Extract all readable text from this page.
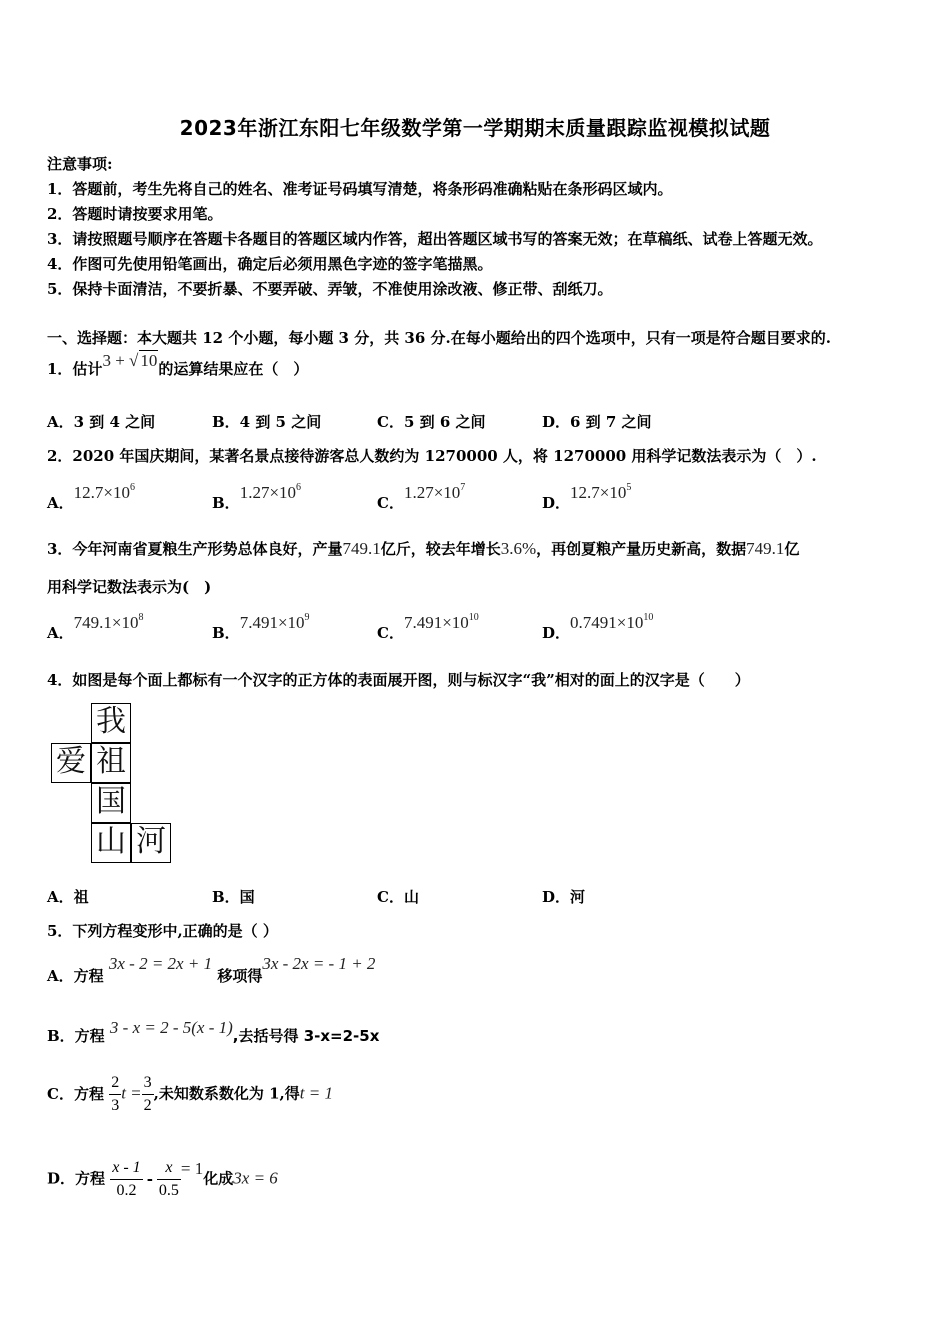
2023年浙江东阳七年级数学第一学期期末质量跟踪监视模拟试题
注意事项:
1．答题前，考生先将自己的姓名、准考证号码填写清楚，将条形码准确粘贴在条形码区域内。
2．答题时请按要求用笔。
3．请按照题号顺序在答题卡各题目的答题区域内作答，超出答题区域书写的答案无效；在草稿纸、试卷上答题无效。
4．作图可先使用铅笔画出，确定后必须用黑色字迹的签字笔描黑。
5．保持卡面清洁，不要折暴、不要弄破、弄皱，不准使用涂改液、修正带、刮纸刀。
一、选择题：本大题共 12 个小题，每小题 3 分，共 36 分.在每小题给出的四个选项中，只有一项是符合题目要求的.
1．估计3 + √ 10的运算结果应在（　）
A．3 到 4 之间	B．4 到 5 之间	C．5 到 6 之间	D．6 到 7 之间
2．2020 年国庆期间，某著名景点接待游客总人数约为 1270000 人，将 1270000 用科学记数法表示为（　）.
A．$12.7\times 10^6$
B．$1.27\times 10^6$
C．$1.27\times 10^7$
D．$12.7\times 10^5$
3．今年河南省夏粮生产形势总体良好，产量749.1亿斤，较去年增长3.6%，再创夏粮产量历史新高，数据749.1亿
用科学记数法表示为(　)
A．$749.1\times 10^8$
B．$7.491\times 10^9$
C．$7.491\times 10^{10}$
D．$0.7491\times 10^{10}$
4．如图是每个面上都标有一个汉字的正方体的表面展开图，则与标汉字“我”相对的面上的汉字是（　　）
我
爱 祖
国
山 河
A．祖	B．国	C．山	D．河
5．下列方程变形中,正确的是（ ）
A．方程 3x - 2 = 2x + 1 移项得3x - 2x = - 1 + 2
B．方程 3 - x = 2 - 5(x - 1),去括号得 3-x=2-5x
C．方程 $\frac{2}{3}$ $t = \frac{3}{2}$ ,未知数系数化为 1,得t = 1
D．方程 $\frac{x - 1}{0.2} - \frac{x}{0.5} = 1$化成3x = 6
